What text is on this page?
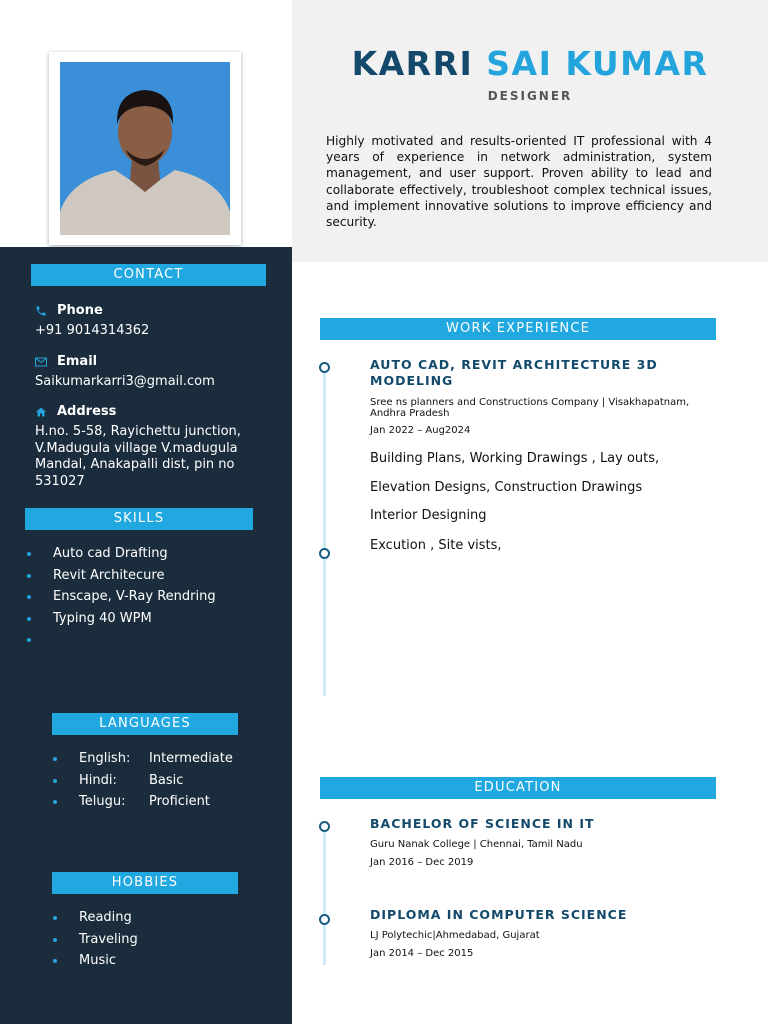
KARRI SAI KUMAR
DESIGNER
Highly motivated and results-oriented IT professional with 4 years of experience in network administration, system management, and user support. Proven ability to lead and collaborate effectively, troubleshoot complex technical issues, and implement innovative solutions to improve efficiency and security.
CONTACT
Phone
+91 9014314362
Email
Saikumarkarri3@gmail.com
Address
H.no. 5-58, Rayichettu junction, V.Madugula village V.madugula Mandal, Anakapalli dist, pin no 531027
SKILLS
Auto cad Drafting
Revit Architecure
Enscape, V-Ray Rendring
Typing 40 WPM
LANGUAGES
English:	Intermediate
Hindi:	Basic
Telugu:	Proficient
HOBBIES
Reading
Traveling
Music
WORK EXPERIENCE
AUTO CAD, REVIT ARCHITECTURE 3D MODELING
Sree ns planners and Constructions Company | Visakhapatnam, Andhra Pradesh
Jan 2022 – Aug2024
Building Plans, Working Drawings , Lay outs,
Elevation Designs, Construction Drawings
Interior Designing
Excution , Site vists,
EDUCATION
BACHELOR OF SCIENCE IN IT
Guru Nanak College | Chennai, Tamil Nadu
Jan 2016 – Dec 2019
DIPLOMA IN COMPUTER SCIENCE
LJ Polytechic|Ahmedabad, Gujarat
Jan 2014 – Dec 2015
